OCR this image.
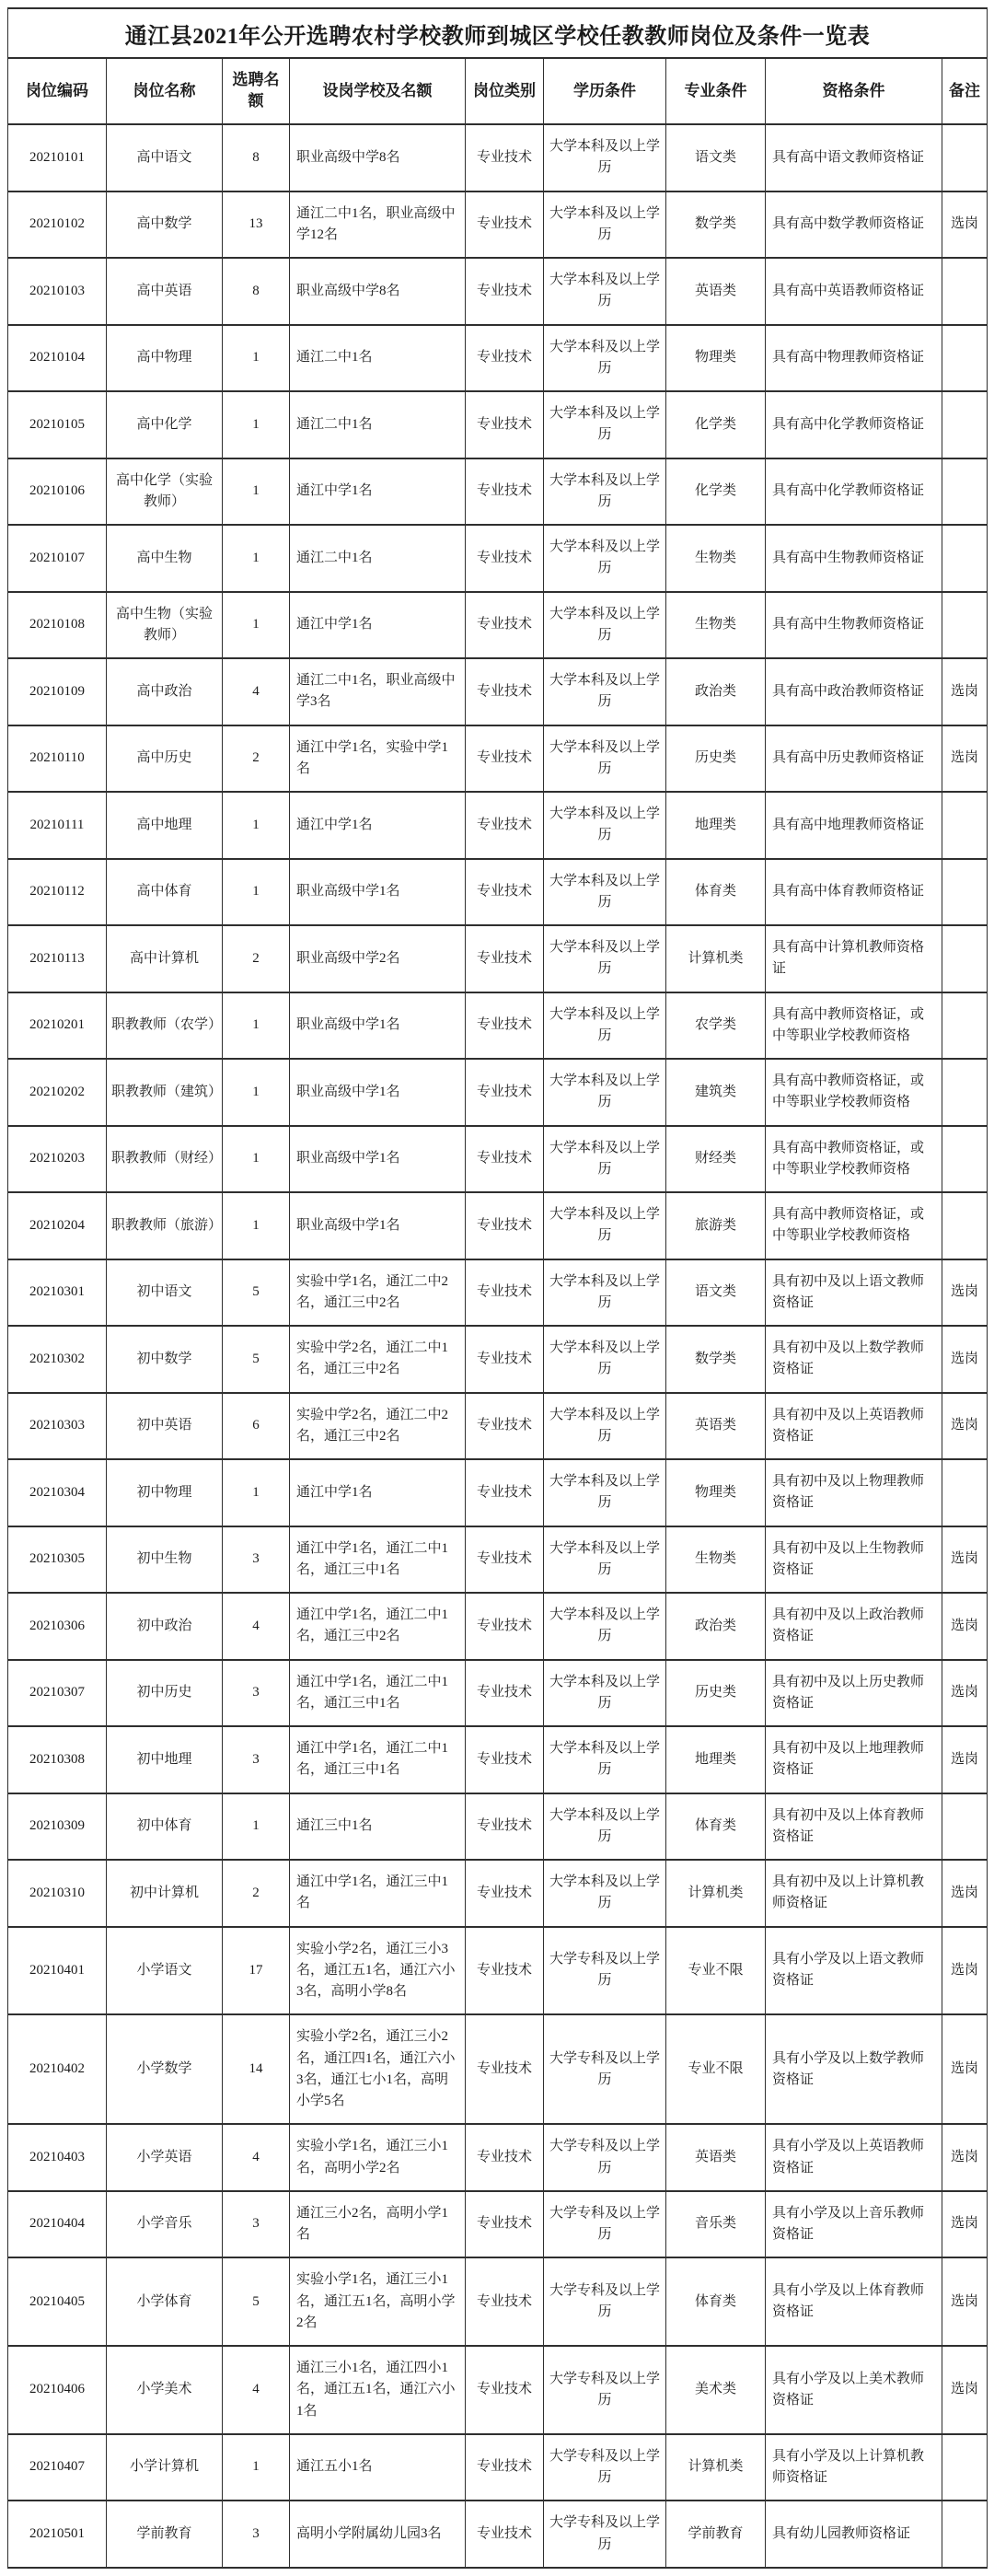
通江县2021年公开选聘农村学校教师到城区学校任教教师岗位及条件一览表								
岗位编码	岗位名称	选聘名额	设岗学校及名额	岗位类别	学历条件	专业条件	资格条件	备注
20210101	高中语文	8	职业高级中学8名	专业技术	大学本科及以上学历	语文类	具有高中语文教师资格证	
20210102	高中数学	13	通江二中1名，职业高级中学12名	专业技术	大学本科及以上学历	数学类	具有高中数学教师资格证	选岗
20210103	高中英语	8	职业高级中学8名	专业技术	大学本科及以上学历	英语类	具有高中英语教师资格证	
20210104	高中物理	1	通江二中1名	专业技术	大学本科及以上学历	物理类	具有高中物理教师资格证	
20210105	高中化学	1	通江二中1名	专业技术	大学本科及以上学历	化学类	具有高中化学教师资格证	
20210106	高中化学（实验教师）	1	通江中学1名	专业技术	大学本科及以上学历	化学类	具有高中化学教师资格证	
20210107	高中生物	1	通江二中1名	专业技术	大学本科及以上学历	生物类	具有高中生物教师资格证	
20210108	高中生物（实验教师）	1	通江中学1名	专业技术	大学本科及以上学历	生物类	具有高中生物教师资格证	
20210109	高中政治	4	通江二中1名，职业高级中学3名	专业技术	大学本科及以上学历	政治类	具有高中政治教师资格证	选岗
20210110	高中历史	2	通江中学1名，实验中学1名	专业技术	大学本科及以上学历	历史类	具有高中历史教师资格证	选岗
20210111	高中地理	1	通江中学1名	专业技术	大学本科及以上学历	地理类	具有高中地理教师资格证	
20210112	高中体育	1	职业高级中学1名	专业技术	大学本科及以上学历	体育类	具有高中体育教师资格证	
20210113	高中计算机	2	职业高级中学2名	专业技术	大学本科及以上学历	计算机类	具有高中计算机教师资格证	
20210201	职教教师（农学）	1	职业高级中学1名	专业技术	大学本科及以上学历	农学类	具有高中教师资格证，或中等职业学校教师资格	
20210202	职教教师（建筑）	1	职业高级中学1名	专业技术	大学本科及以上学历	建筑类	具有高中教师资格证，或中等职业学校教师资格	
20210203	职教教师（财经）	1	职业高级中学1名	专业技术	大学本科及以上学历	财经类	具有高中教师资格证，或中等职业学校教师资格	
20210204	职教教师（旅游）	1	职业高级中学1名	专业技术	大学本科及以上学历	旅游类	具有高中教师资格证，或中等职业学校教师资格	
20210301	初中语文	5	实验中学1名，通江二中2名，通江三中2名	专业技术	大学本科及以上学历	语文类	具有初中及以上语文教师资格证	选岗
20210302	初中数学	5	实验中学2名，通江二中1名，通江三中2名	专业技术	大学本科及以上学历	数学类	具有初中及以上数学教师资格证	选岗
20210303	初中英语	6	实验中学2名，通江二中2名，通江三中2名	专业技术	大学本科及以上学历	英语类	具有初中及以上英语教师资格证	选岗
20210304	初中物理	1	通江中学1名	专业技术	大学本科及以上学历	物理类	具有初中及以上物理教师资格证	
20210305	初中生物	3	通江中学1名，通江二中1名，通江三中1名	专业技术	大学本科及以上学历	生物类	具有初中及以上生物教师资格证	选岗
20210306	初中政治	4	通江中学1名，通江二中1名，通江三中2名	专业技术	大学本科及以上学历	政治类	具有初中及以上政治教师资格证	选岗
20210307	初中历史	3	通江中学1名，通江二中1名，通江三中1名	专业技术	大学本科及以上学历	历史类	具有初中及以上历史教师资格证	选岗
20210308	初中地理	3	通江中学1名，通江二中1名，通江三中1名	专业技术	大学本科及以上学历	地理类	具有初中及以上地理教师资格证	选岗
20210309	初中体育	1	通江三中1名	专业技术	大学本科及以上学历	体育类	具有初中及以上体育教师资格证	
20210310	初中计算机	2	通江中学1名，通江三中1名	专业技术	大学本科及以上学历	计算机类	具有初中及以上计算机教师资格证	选岗
20210401	小学语文	17	实验小学2名，通江三小3名，通江五1名，通江六小3名，高明小学8名	专业技术	大学专科及以上学历	专业不限	具有小学及以上语文教师资格证	选岗
20210402	小学数学	14	实验小学2名，通江三小2名，通江四1名，通江六小3名，通江七小1名，高明小学5名	专业技术	大学专科及以上学历	专业不限	具有小学及以上数学教师资格证	选岗
20210403	小学英语	4	实验小学1名，通江三小1名，高明小学2名	专业技术	大学专科及以上学历	英语类	具有小学及以上英语教师资格证	选岗
20210404	小学音乐	3	通江三小2名，高明小学1名	专业技术	大学专科及以上学历	音乐类	具有小学及以上音乐教师资格证	选岗
20210405	小学体育	5	实验小学1名，通江三小1名，通江五1名，高明小学2名	专业技术	大学专科及以上学历	体育类	具有小学及以上体育教师资格证	选岗
20210406	小学美术	4	通江三小1名，通江四小1名，通江五1名，通江六小1名	专业技术	大学专科及以上学历	美术类	具有小学及以上美术教师资格证	选岗
20210407	小学计算机	1	通江五小1名	专业技术	大学专科及以上学历	计算机类	具有小学及以上计算机教师资格证	
20210501	学前教育	3	高明小学附属幼儿园3名	专业技术	大学专科及以上学历	学前教育	具有幼儿园教师资格证	
